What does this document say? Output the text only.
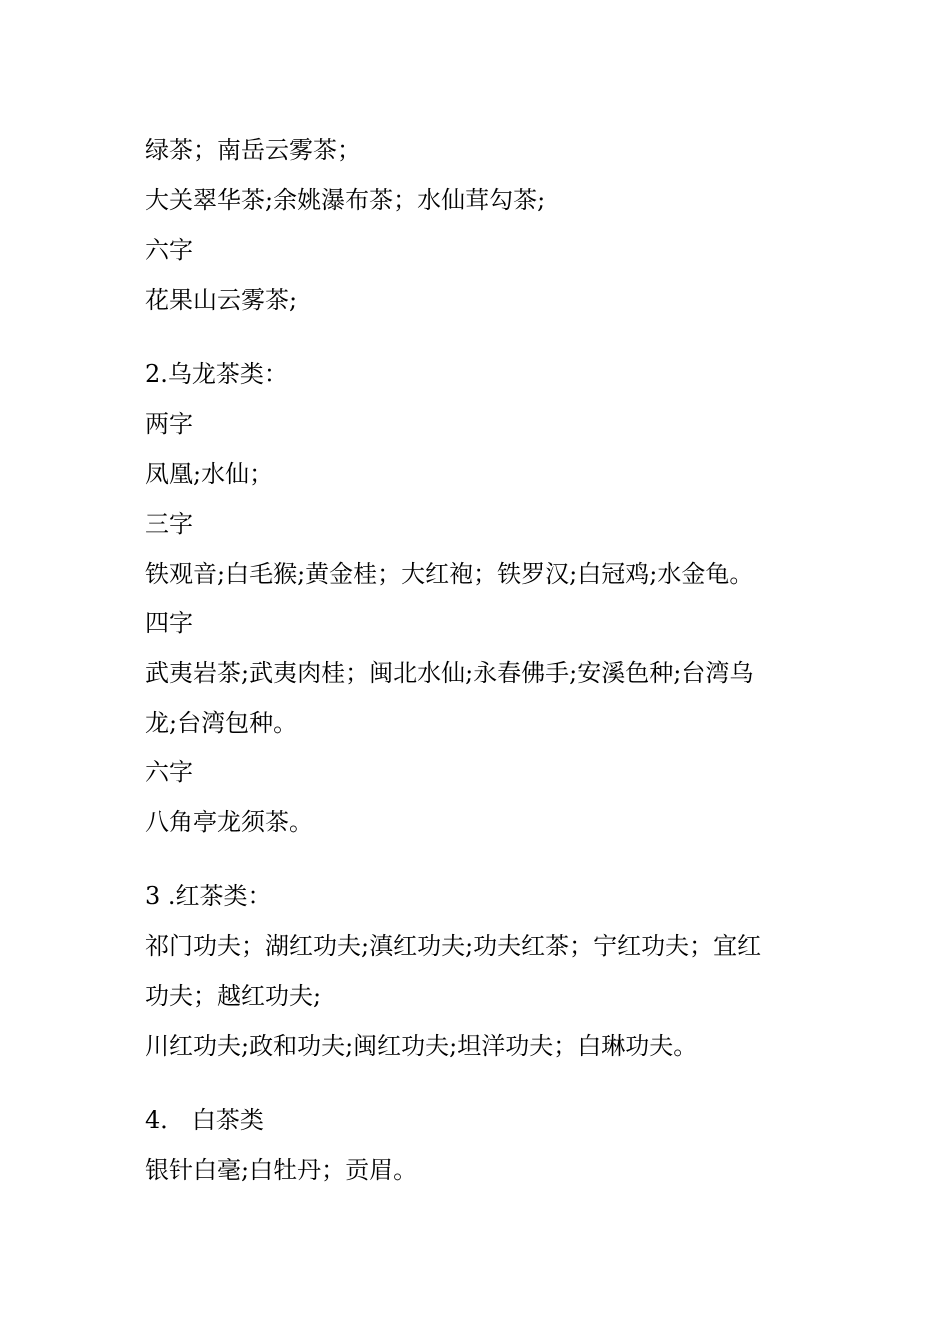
绿茶；南岳云雾茶；
大关翠华茶;余姚瀑布茶；水仙茸勾茶;
六字
花果山云雾茶;
2.乌龙茶类：
两字
凤凰;水仙；
三字
铁观音;白毛猴;黄金桂；大红袍；铁罗汉;白冠鸡;水金龟。
四字
武夷岩茶;武夷肉桂；闽北水仙;永春佛手;安溪色种;台湾乌
龙;台湾包种。
六字
八角亭龙须茶。
3 .红茶类：
祁门功夫；湖红功夫;滇红功夫;功夫红茶；宁红功夫；宜红
功夫；越红功夫;
川红功夫;政和功夫;闽红功夫;坦洋功夫；白琳功夫。
4． 白茶类
银针白毫;白牡丹；贡眉。
